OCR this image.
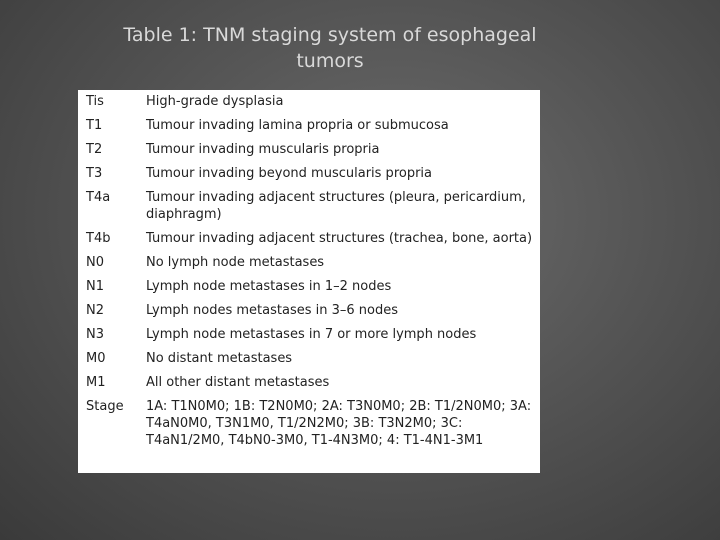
Table 1: TNM staging system of esophageal
tumors
Tis	High-grade dysplasia
T1	Tumour invading lamina propria or submucosa
T2	Tumour invading muscularis propria
T3	Tumour invading beyond muscularis propria
T4a	Tumour invading adjacent structures (pleura, pericardium, diaphragm)
T4b	Tumour invading adjacent structures (trachea, bone, aorta)
N0	No lymph node metastases
N1	Lymph node metastases in 1–2 nodes
N2	Lymph nodes metastases in 3–6 nodes
N3	Lymph node metastases in 7 or more lymph nodes
M0	No distant metastases
M1	All other distant metastases
Stage	1A: T1N0M0; 1B: T2N0M0; 2A: T3N0M0; 2B: T1/2N0M0; 3A: T4aN0M0, T3N1M0, T1/2N2M0; 3B: T3N2M0; 3C: T4aN1/2M0, T4bN0-3M0, T1-4N3M0; 4: T1-4N1-3M1
